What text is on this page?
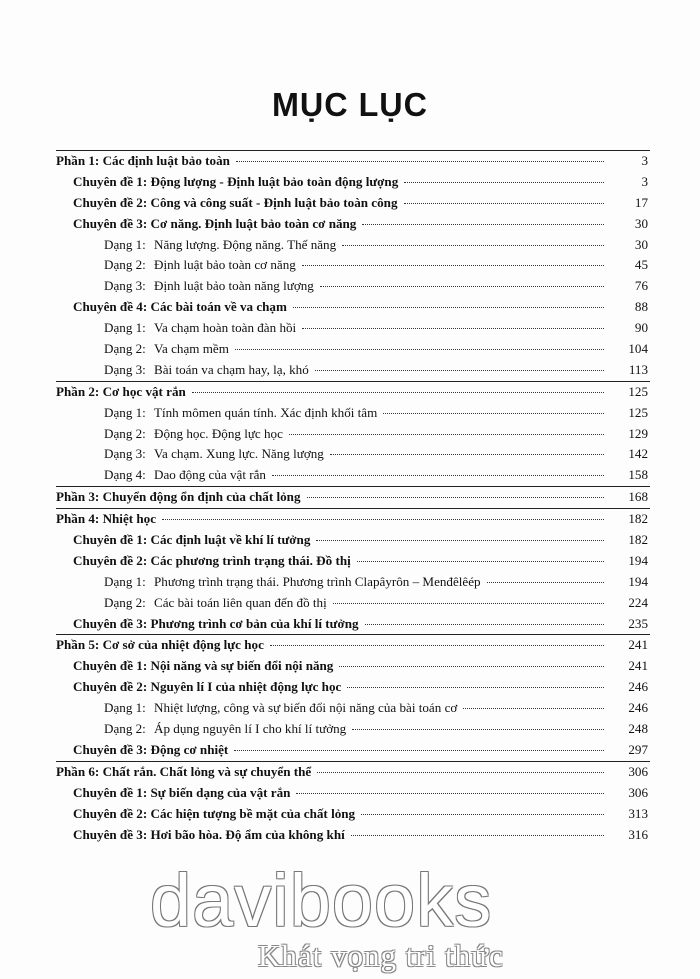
MỤC LỤC
Phần 1: Các định luật bảo toàn	3
Chuyên đề 1: Động lượng - Định luật bảo toàn động lượng	3
Chuyên đề 2: Công và công suất - Định luật bảo toàn công	17
Chuyên đề 3: Cơ năng. Định luật bảo toàn cơ năng	30
Dạng 1: Năng lượng. Động năng. Thế năng	30
Dạng 2: Định luật bảo toàn cơ năng	45
Dạng 3: Định luật bảo toàn năng lượng	76
Chuyên đề 4: Các bài toán về va chạm	88
Dạng 1: Va chạm hoàn toàn đàn hồi	90
Dạng 2: Va chạm mềm	104
Dạng 3: Bài toán va chạm hay, lạ, khó	113
Phần 2: Cơ học vật rắn	125
Dạng 1: Tính mômen quán tính. Xác định khối tâm	125
Dạng 2: Động học. Động lực học	129
Dạng 3: Va chạm. Xung lực. Năng lượng	142
Dạng 4: Dao động của vật rắn	158
Phần 3: Chuyển động ổn định của chất lỏng	168
Phần 4: Nhiệt học	182
Chuyên đề 1: Các định luật về khí lí tưởng	182
Chuyên đề 2: Các phương trình trạng thái. Đồ thị	194
Dạng 1: Phương trình trạng thái. Phương trình Clapâyrôn – Menđêlêép	194
Dạng 2: Các bài toán liên quan đến đồ thị	224
Chuyên đề 3: Phương trình cơ bản của khí lí tưởng	235
Phần 5: Cơ sở của nhiệt động lực học	241
Chuyên đề 1: Nội năng và sự biến đổi nội năng	241
Chuyên đề 2: Nguyên lí I của nhiệt động lực học	246
Dạng 1: Nhiệt lượng, công và sự biến đổi nội năng của bài toán cơ	246
Dạng 2: Áp dụng nguyên lí I cho khí lí tưởng	248
Chuyên đề 3: Động cơ nhiệt	297
Phần 6: Chất rắn. Chất lỏng và sự chuyển thể	306
Chuyên đề 1: Sự biến dạng của vật rắn	306
Chuyên đề 2: Các hiện tượng bề mặt của chất lỏng	313
Chuyên đề 3: Hơi bão hòa. Độ ẩm của không khí	316
davibooks
Khát vọng tri thức
